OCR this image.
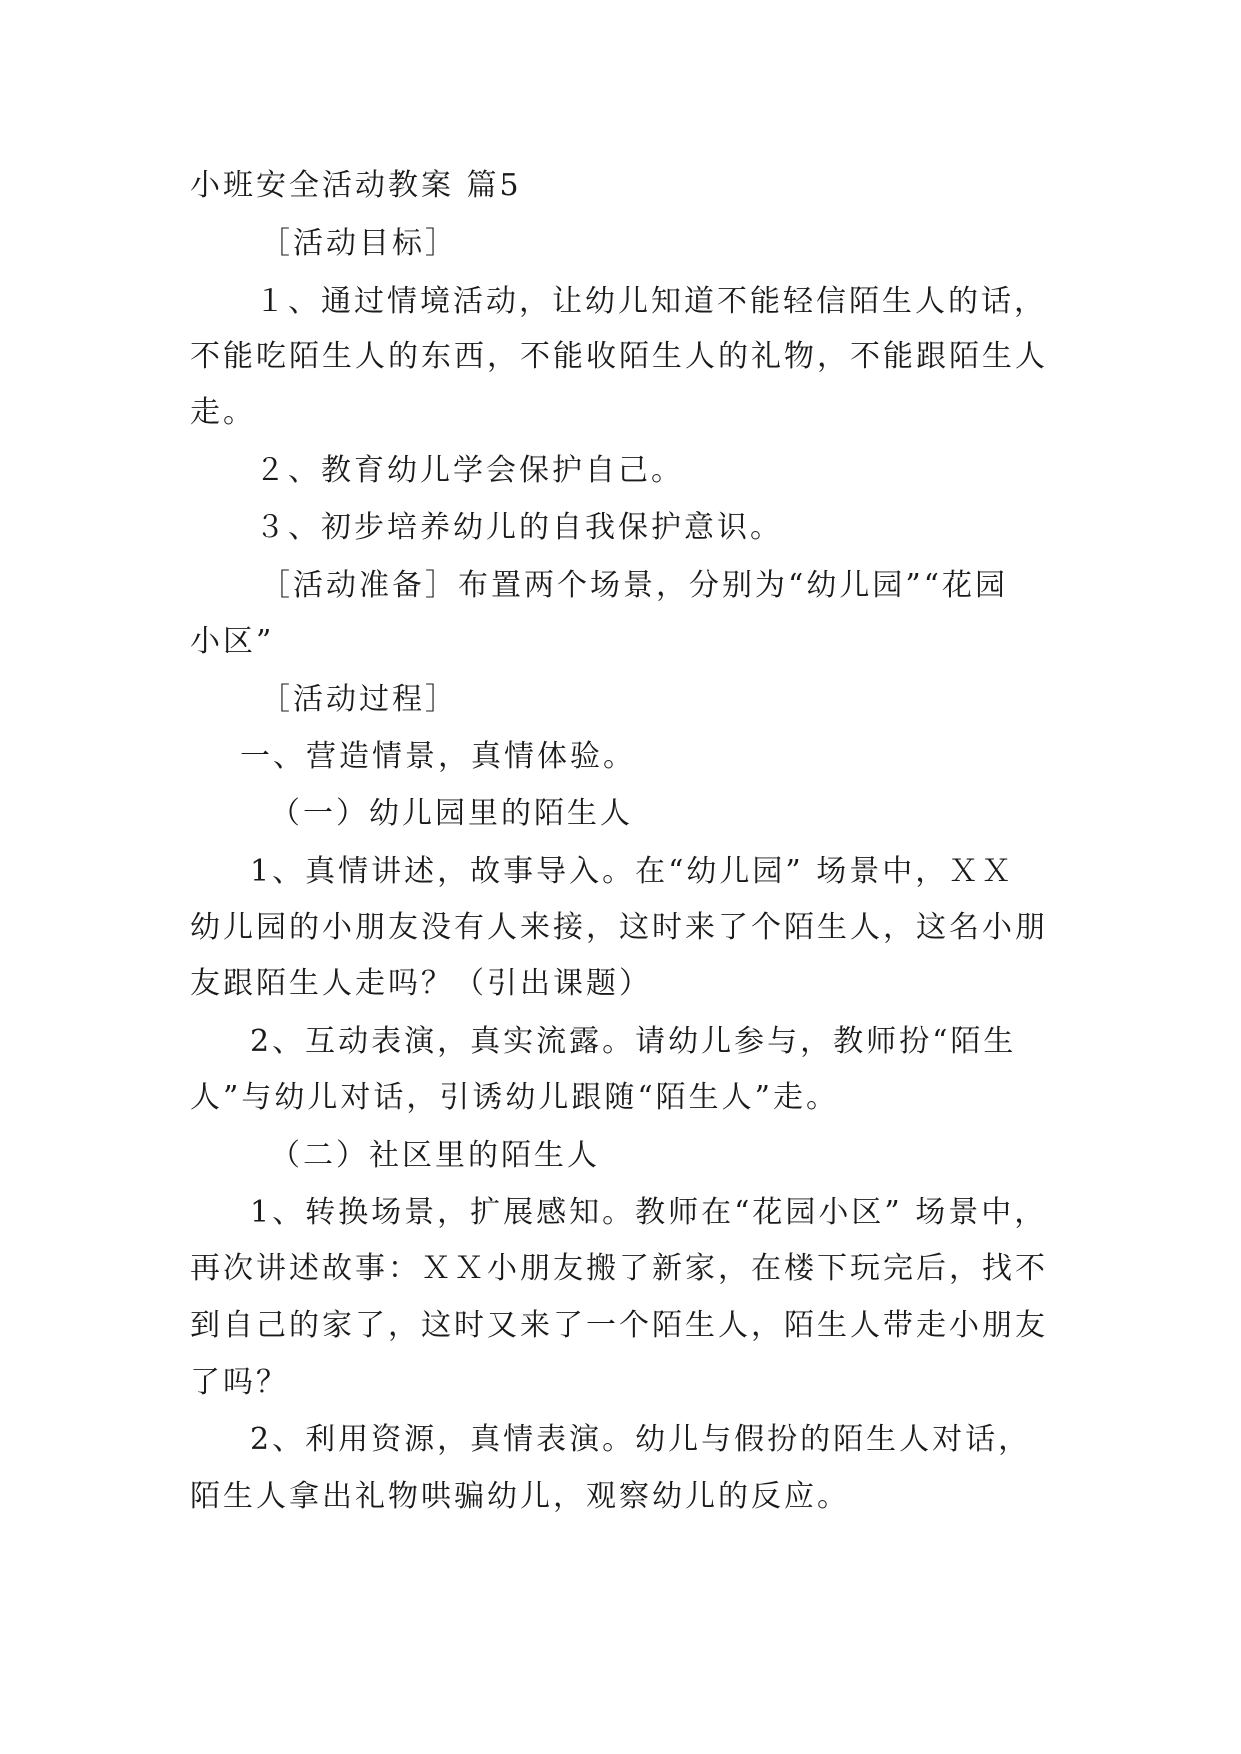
小班安全活动教案 篇5
［活动目标］
１、通过情境活动，让幼儿知道不能轻信陌生人的话，
不能吃陌生人的东西，不能收陌生人的礼物，不能跟陌生人
走。
２、教育幼儿学会保护自己。
３、初步培养幼儿的自我保护意识。
［活动准备］布置两个场景，分别为“幼儿园”“花园
小区”
［活动过程］
一、营造情景，真情体验。
（一）幼儿园里的陌生人
1、真情讲述，故事导入。在“幼儿园” 场景中，ＸＸ
幼儿园的小朋友没有人来接，这时来了个陌生人，这名小朋
友跟陌生人走吗？（引出课题）
2、互动表演，真实流露。请幼儿参与，教师扮“陌生
人”与幼儿对话，引诱幼儿跟随“陌生人”走。
（二）社区里的陌生人
1、转换场景，扩展感知。教师在“花园小区” 场景中，
再次讲述故事：ＸＸ小朋友搬了新家，在楼下玩完后，找不
到自己的家了，这时又来了一个陌生人，陌生人带走小朋友
了吗？
2、利用资源，真情表演。幼儿与假扮的陌生人对话，
陌生人拿出礼物哄骗幼儿，观察幼儿的反应。
